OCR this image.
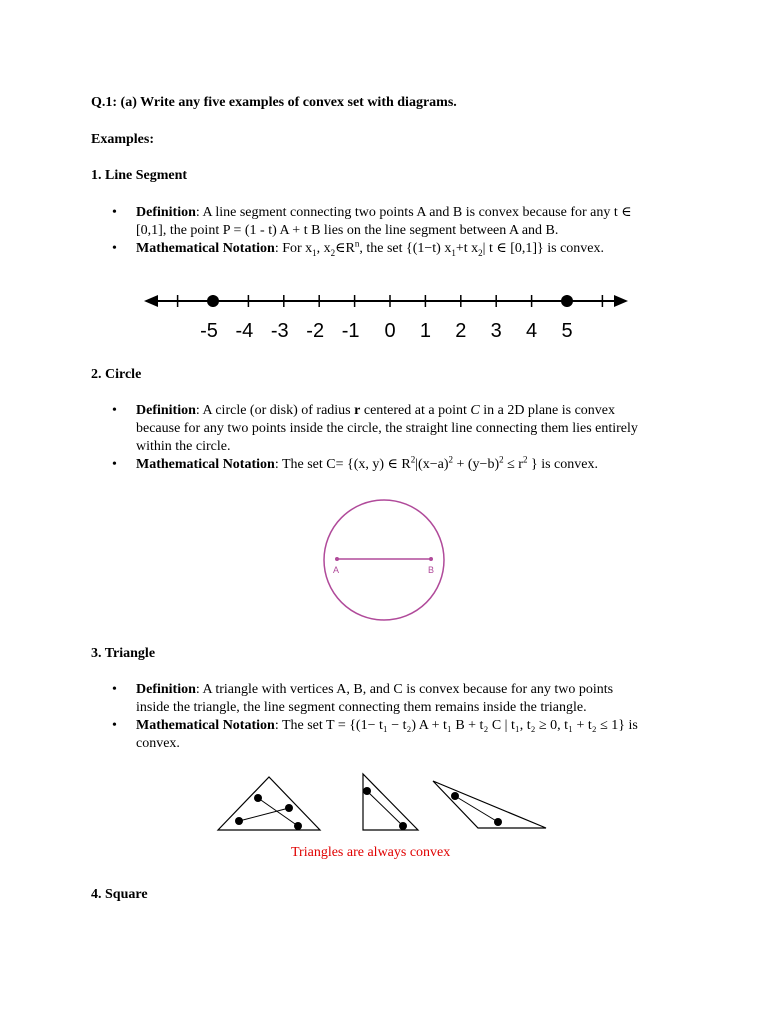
Q.1: (a) Write any five examples of convex set with diagrams.
Examples:
1. Line Segment
• Definition: A line segment connecting two points A and B is convex because for any t ∈
[0,1], the point P = (1 - t) A + t B lies on the line segment between A and B.
• Mathematical Notation: For $x_1$, $x_2\in R^n$, the set {(1−t) $x_1+t$ $x_2|$ t ∈ [0,1]} is convex.
-5 -4 -3 -2 -1 0 1 2 3 4 5
2. Circle
• Definition: A circle (or disk) of radius r centered at a point C in a 2D plane is convex
because for any two points inside the circle, the straight line connecting them lies entirely
within the circle.
• Mathematical Notation: The set C= {(x, y) ∈ $R^2|(x-a)^2 + (y-b)^2 \le r^2$ } is convex.
A	B
3. Triangle
• Definition: A triangle with vertices A, B, and C is convex because for any two points
inside the triangle, the line segment connecting them remains inside the triangle.
• Mathematical Notation: The set T = {(1− t₁ − t₂) A + t₁ B + t₂ C | t₁, t₂ ≥ 0, t₁ + t₂ ≤ 1} is
convex.
Triangles are always convex
4. Square
